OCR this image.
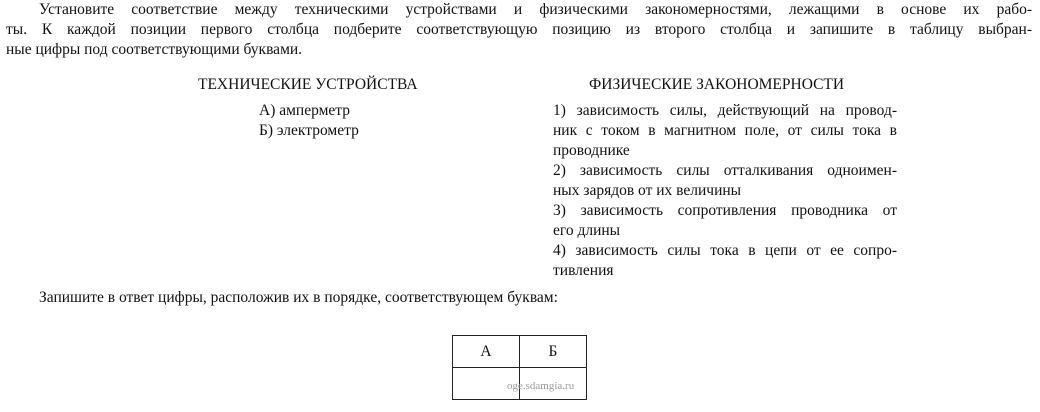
Установите соответствие между техническими устройствами и физическими закономерностями, лежащими в основе их рабо-
ты. К каждой позиции первого столбца подберите соответствующую позицию из второго столбца и запишите в таблицу выбран-
ные цифры под соответствующими буквами.
ТЕХНИЧЕСКИЕ УСТРОЙСТВА	ФИЗИЧЕСКИЕ ЗАКОНОМЕРНОСТИ
А) амперметр
Б) электрометр
1) зависимость силы, действующий на провод-
ник с током в магнитном поле, от силы тока в
проводнике
2) зависимость силы отталкивания одноимен-
ных зарядов от их величины
3) зависимость сопротивления проводника от
его длины
4) зависимость силы тока в цепи от ее сопро-
тивления
Запишите в ответ цифры, расположив их в порядке, соответствующем буквам:
А	Б

oge.sdamgia.ru
